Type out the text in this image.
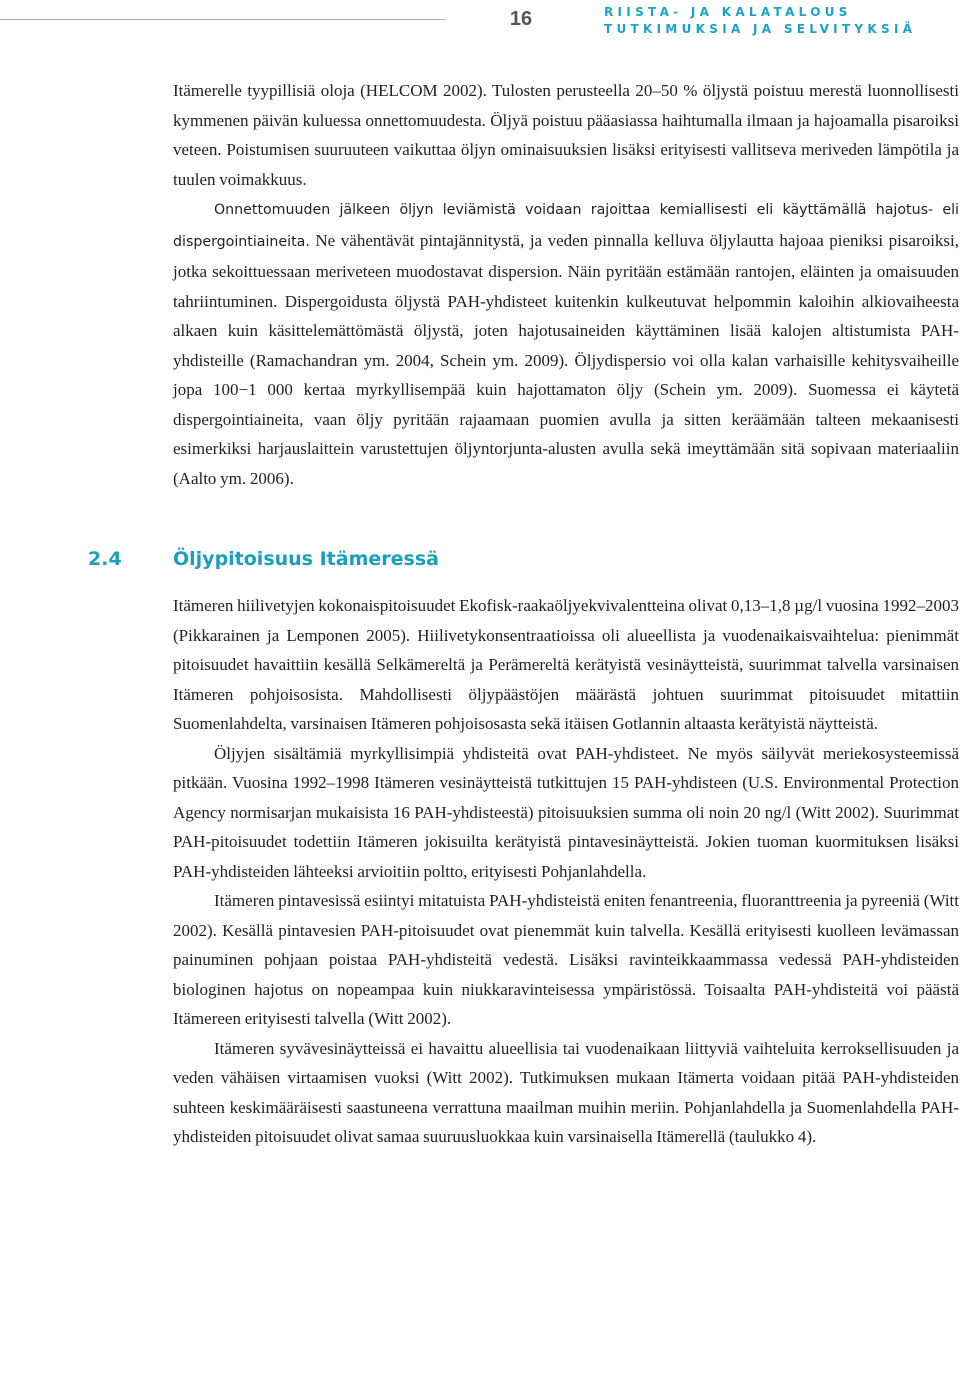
16	RIISTA- JA KALATALOUS
TUTKIMUKSIA JA SELVITYKSIÄ

Itämerelle tyypillisiä oloja (HELCOM 2002). Tulosten perusteella 20–50 % öljystä poistuu merestä luonnollisesti kymmenen päivän kuluessa onnettomuudesta. Öljyä poistuu pääasiassa haihtumalla ilmaan ja hajoamalla pisaroiksi veteen. Poistumisen suuruuteen vaikuttaa öljyn ominaisuuksien lisäksi erityisesti vallitseva meriveden lämpötila ja tuulen voimakkuus.

Onnettomuuden jälkeen öljyn leviämistä voidaan rajoittaa kemiallisesti eli käyttämällä hajotus- eli dispergointiaineita. Ne vähentävät pintajännitystä, ja veden pinnalla kelluva öljylautta hajoaa pieniksi pisaroiksi, jotka sekoittuessaan meriveteen muodostavat dispersion. Näin pyritään estämään rantojen, eläinten ja omaisuuden tahriintuminen. Dispergoidusta öljystä PAH-yhdisteet kuitenkin kulkeutuvat helpommin kaloihin alkiovaiheesta alkaen kuin käsittelemättömästä öljystä, joten hajotusaineiden käyttäminen lisää kalojen altistumista PAH-yhdisteille (Ramachandran ym. 2004, Schein ym. 2009). Öljydispersio voi olla kalan varhaisille kehitysvaiheille jopa 100−1 000 kertaa myrkyllisempää kuin hajottamaton öljy (Schein ym. 2009). Suomessa ei käytetä dispergointiaineita, vaan öljy pyritään rajaamaan puomien avulla ja sitten keräämään talteen mekaanisesti esimerkiksi harjauslaittein varustettujen öljyntorjunta-alusten avulla sekä imeyttämään sitä sopivaan materiaaliin (Aalto ym. 2006).

2.4	Öljypitoisuus Itämeressä

Itämeren hiilivetyjen kokonaispitoisuudet Ekofisk-raakaöljyekvivalentteina olivat 0,13–1,8 µg/l vuosina 1992–2003 (Pikkarainen ja Lemponen 2005). Hiilivetykonsentraatioissa oli alueellista ja vuodenaikaisvaihtelua: pienimmät pitoisuudet havaittiin kesällä Selkämereltä ja Perämereltä kerätyistä vesinäytteistä, suurimmat talvella varsinaisen Itämeren pohjoisosista. Mahdollisesti öljypäästöjen määrästä johtuen suurimmat pitoisuudet mitattiin Suomenlahdelta, varsinaisen Itämeren pohjoisosasta sekä itäisen Gotlannin altaasta kerätyistä näytteistä.

Öljyjen sisältämiä myrkyllisimpiä yhdisteitä ovat PAH-yhdisteet. Ne myös säilyvät meriekosysteemissä pitkään. Vuosina 1992–1998 Itämeren vesinäytteistä tutkittujen 15 PAH-yhdisteen (U.S. Environmental Protection Agency normisarjan mukaisista 16 PAH-yhdisteestä) pitoisuuksien summa oli noin 20 ng/l (Witt 2002). Suurimmat PAH-pitoisuudet todettiin Itämeren jokisuilta kerätyistä pintavesinäytteistä. Jokien tuoman kuormituksen lisäksi PAH-yhdisteiden lähteeksi arvioitiin poltto, erityisesti Pohjanlahdella.

Itämeren pintavesissä esiintyi mitatuista PAH-yhdisteistä eniten fenantreenia, fluoranttreenia ja pyreeniä (Witt 2002). Kesällä pintavesien PAH-pitoisuudet ovat pienemmät kuin talvella. Kesällä erityisesti kuolleen levämassan painuminen pohjaan poistaa PAH-yhdisteitä vedestä. Lisäksi ravinteikkaammassa vedessä PAH-yhdisteiden biologinen hajotus on nopeampaa kuin niukkaravinteisessa ympäristössä. Toisaalta PAH-yhdisteitä voi päästä Itämereen erityisesti talvella (Witt 2002).

Itämeren syvävesinäytteissä ei havaittu alueellisia tai vuodenaikaan liittyviä vaihteluita kerroksellisuuden ja veden vähäisen virtaamisen vuoksi (Witt 2002). Tutkimuksen mukaan Itämerta voidaan pitää PAH-yhdisteiden suhteen keskimääräisesti saastuneena verrattuna maailman muihin meriin. Pohjanlahdella ja Suomenlahdella PAH-yhdisteiden pitoisuudet olivat samaa suuruusluokkaa kuin varsinaisella Itämerellä (taulukko 4).
